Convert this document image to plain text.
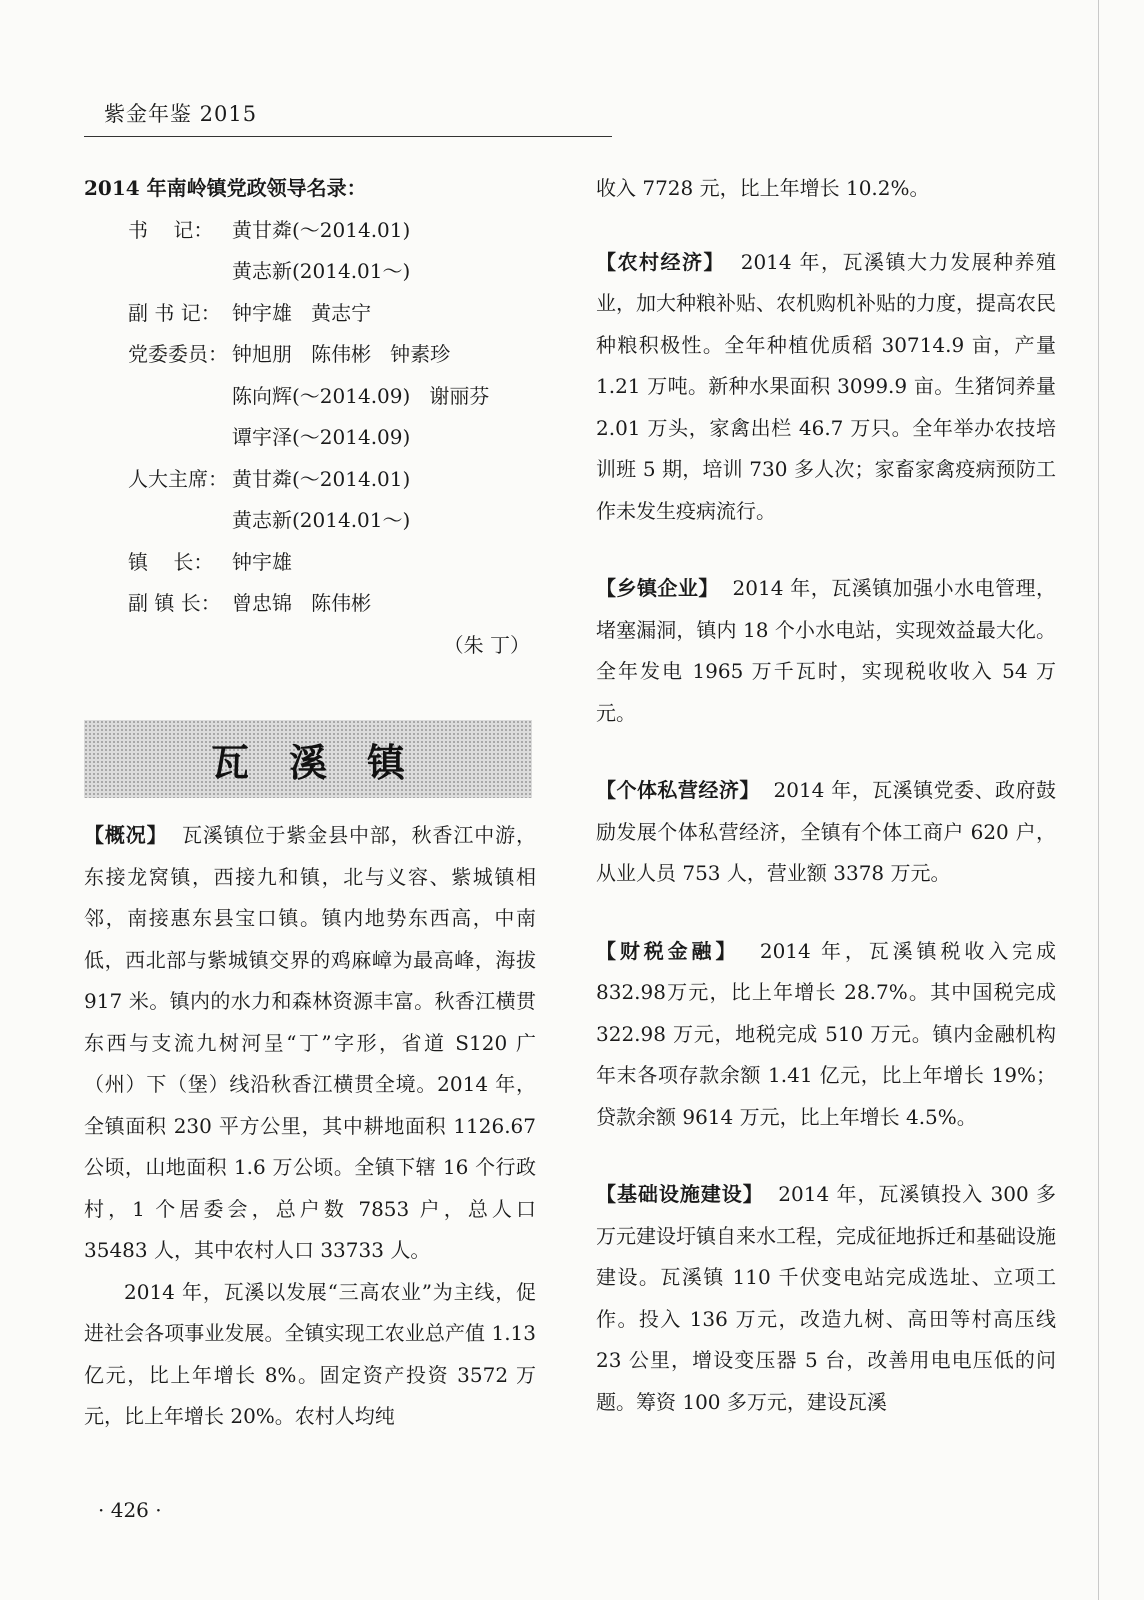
紫金年鉴 2015
2014 年南岭镇党政领导名录：
书    记： 黄甘粦(～2014.01)
黄志新(2014.01～)
副 书 记： 钟宇雄   黄志宁
党委委员： 钟旭朋   陈伟彬   钟素珍
陈向辉(～2014.09)   谢丽芬
谭宇泽(～2014.09)
人大主席： 黄甘粦(～2014.01)
黄志新(2014.01～)
镇    长： 钟宇雄
副 镇 长： 曾忠锦   陈伟彬
（朱 丁）
瓦溪镇

【概况】 瓦溪镇位于紫金县中部，秋香江中游，东接龙窝镇，西接九和镇，北与义容、紫城镇相邻，南接惠东县宝口镇。镇内地势东西高，中南低，西北部与紫城镇交界的鸡麻嶂为最高峰，海拔 917 米。镇内的水力和森林资源丰富。秋香江横贯东西与支流九树河呈“丁”字形，省道 S120 广（州）下（堡）线沿秋香江横贯全境。2014 年，全镇面积 230 平方公里，其中耕地面积 1126.67 公顷，山地面积 1.6 万公顷。全镇下辖 16 个行政村，1 个居委会，总户数 7853 户，总人口 35483 人，其中农村人口 33733 人。

2014 年，瓦溪以发展“三高农业”为主线，促进社会各项事业发展。全镇实现工农业总产值 1.13 亿元，比上年增长 8%。固定资产投资 3572 万元，比上年增长 20%。农村人均纯

收入 7728 元，比上年增长 10.2%。

【农村经济】 2014 年，瓦溪镇大力发展种养殖业，加大种粮补贴、农机购机补贴的力度，提高农民种粮积极性。全年种植优质稻 30714.9 亩，产量 1.21 万吨。新种水果面积 3099.9 亩。生猪饲养量 2.01 万头，家禽出栏 46.7 万只。全年举办农技培训班 5 期，培训 730 多人次；家畜家禽疫病预防工作未发生疫病流行。

【乡镇企业】 2014 年，瓦溪镇加强小水电管理，堵塞漏洞，镇内 18 个小水电站，实现效益最大化。全年发电 1965 万千瓦时，实现税收收入 54 万元。

【个体私营经济】 2014 年，瓦溪镇党委、政府鼓励发展个体私营经济，全镇有个体工商户 620 户，从业人员 753 人，营业额 3378 万元。

【财税金融】 2014 年，瓦溪镇税收入完成 832.98万元，比上年增长 28.7%。其中国税完成 322.98 万元，地税完成 510 万元。镇内金融机构年末各项存款余额 1.41 亿元，比上年增长 19%；贷款余额 9614 万元，比上年增长 4.5%。

【基础设施建设】 2014 年，瓦溪镇投入 300 多万元建设圩镇自来水工程，完成征地拆迁和基础设施建设。瓦溪镇 110 千伏变电站完成选址、立项工作。投入 136 万元，改造九树、高田等村高压线 23 公里，增设变压器 5 台，改善用电电压低的问题。筹资 100 多万元，建设瓦溪

· 426 ·
